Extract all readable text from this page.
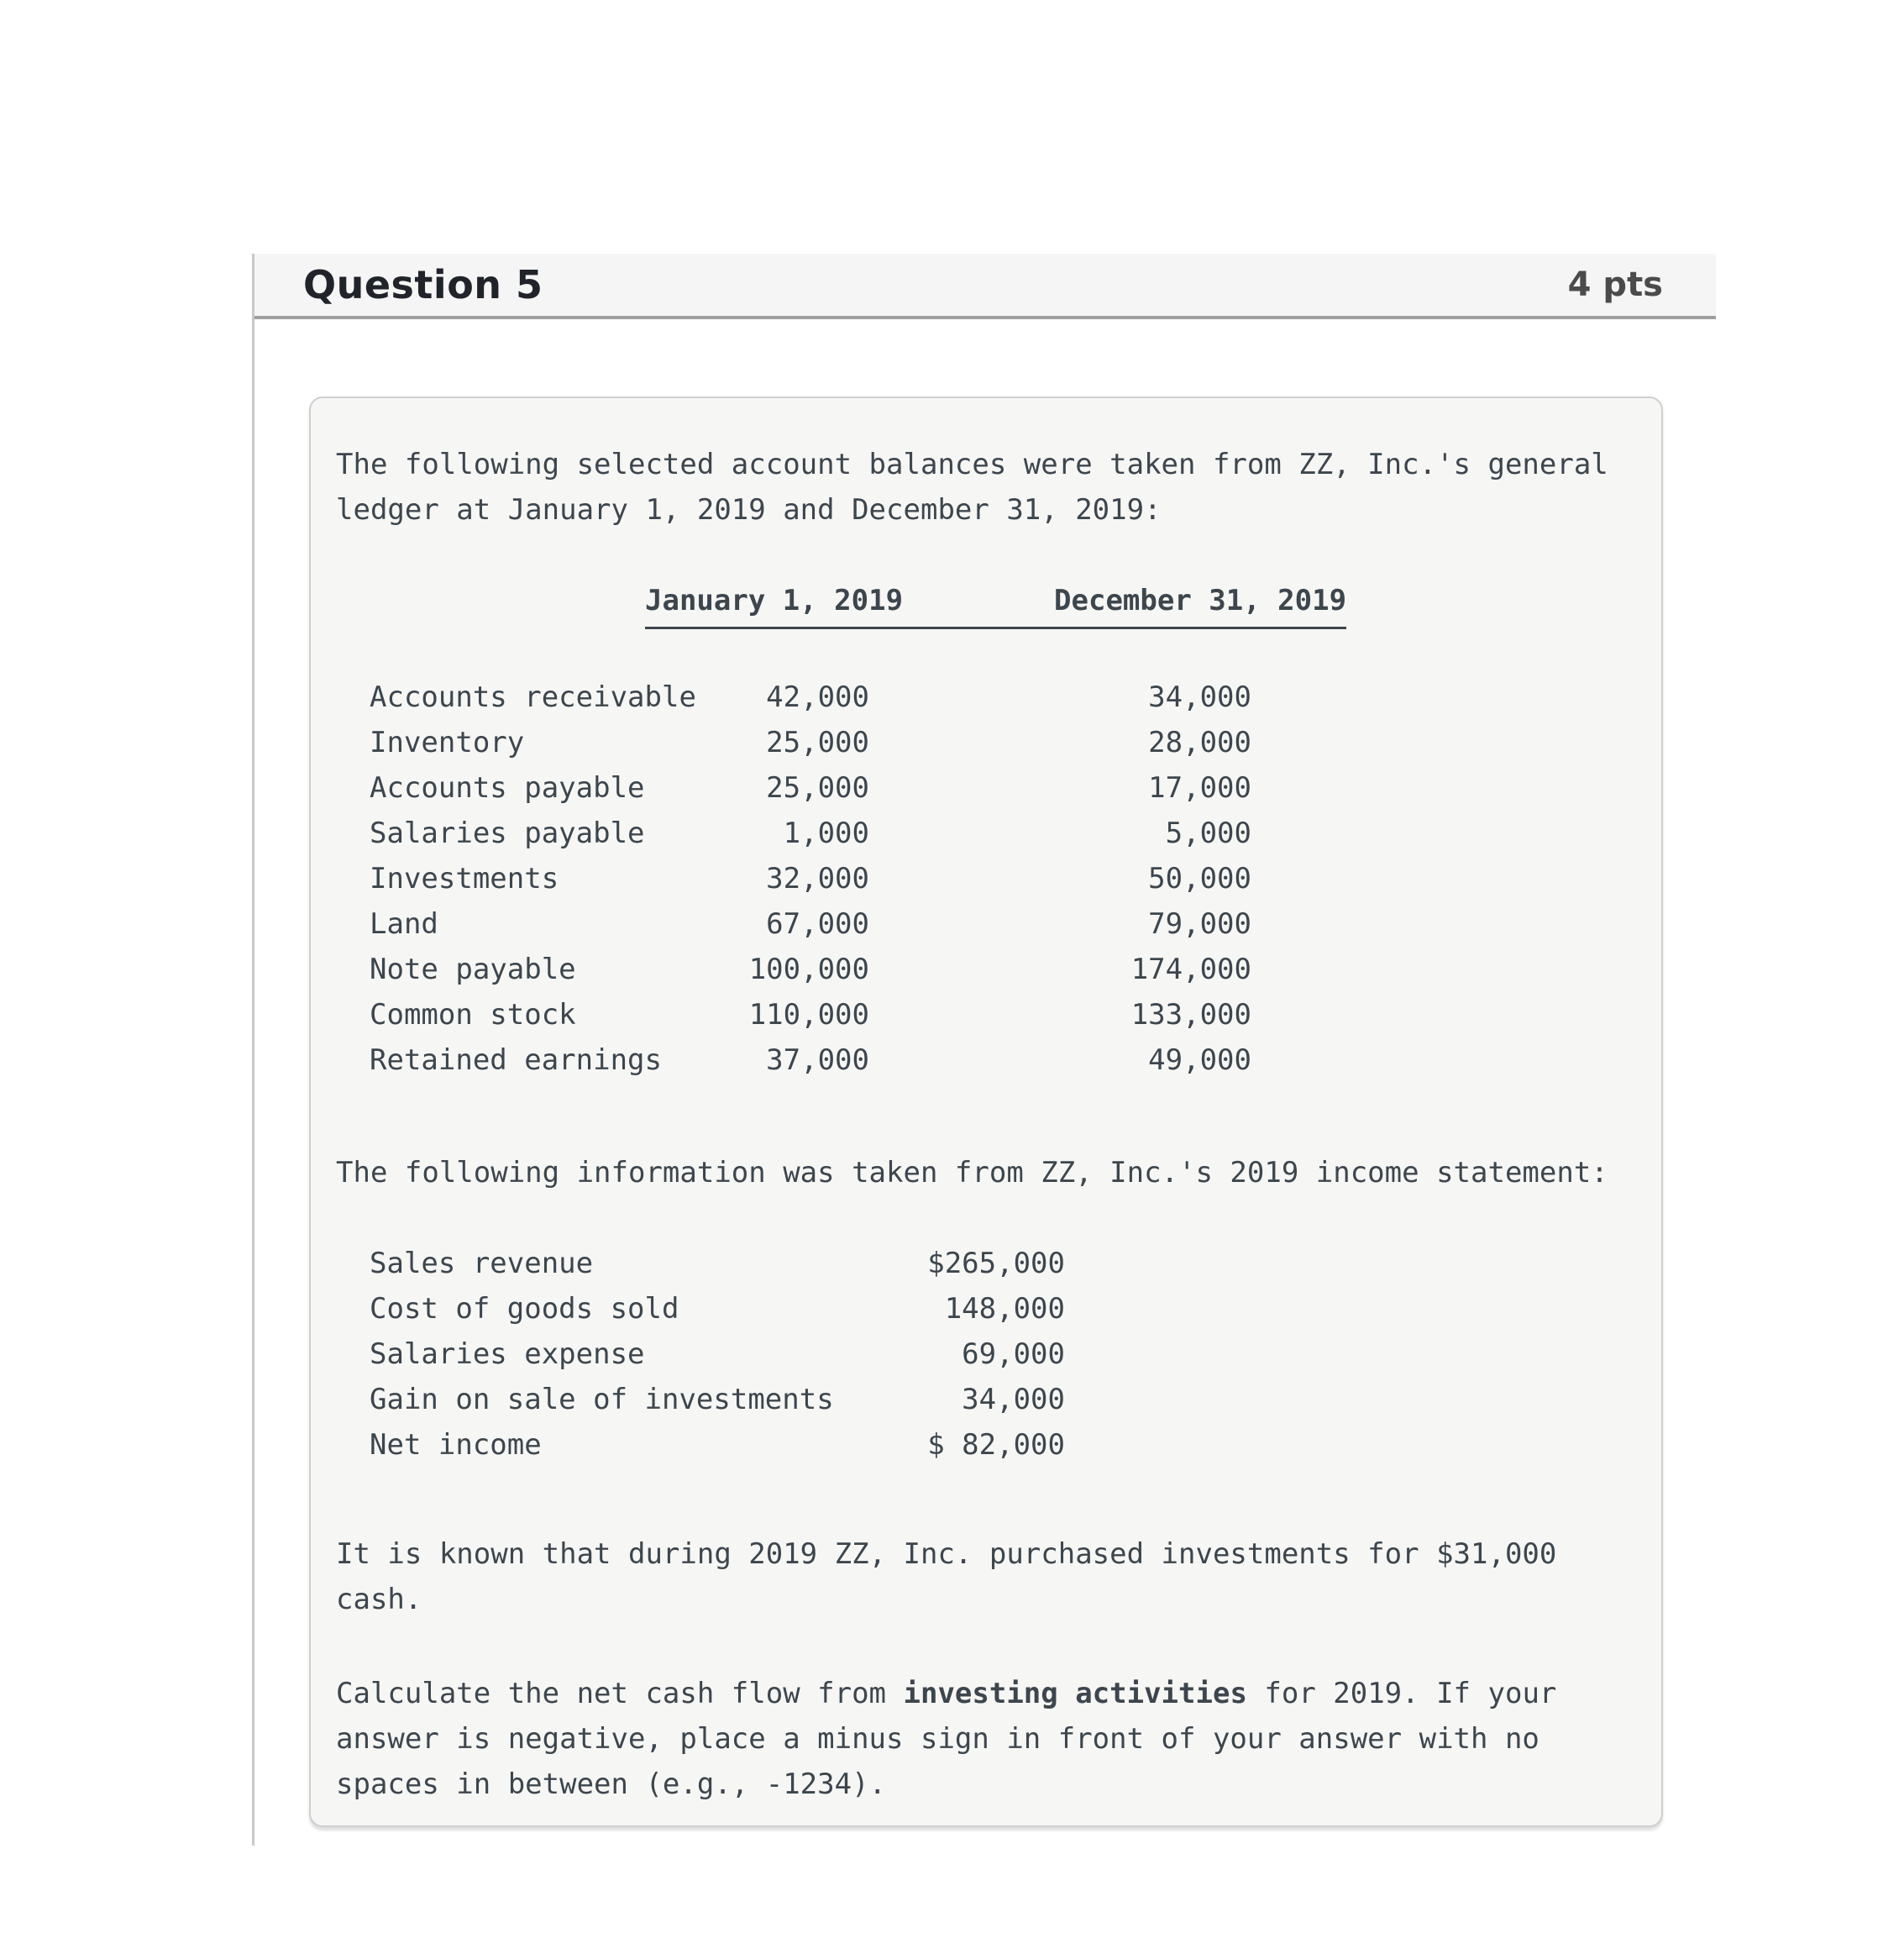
Question 5	4 pts
The following selected account balances were taken from ZZ, Inc.'s general
ledger at January 1, 2019 and December 31, 2019:
January 1, 2019	December 31, 2019
Accounts receivable	42,000	34,000
Inventory	25,000	28,000
Accounts payable	25,000	17,000
Salaries payable	1,000	5,000
Investments	32,000	50,000
Land	67,000	79,000
Note payable	100,000	174,000
Common stock	110,000	133,000
Retained earnings	37,000	49,000
The following information was taken from ZZ, Inc.'s 2019 income statement:
Sales revenue	$265,000
Cost of goods sold	148,000
Salaries expense	69,000
Gain on sale of investments	34,000
Net income	$ 82,000
It is known that during 2019 ZZ, Inc. purchased investments for $31,000
cash.
Calculate the net cash flow from investing activities for 2019. If your
answer is negative, place a minus sign in front of your answer with no
spaces in between (e.g., -1234).
